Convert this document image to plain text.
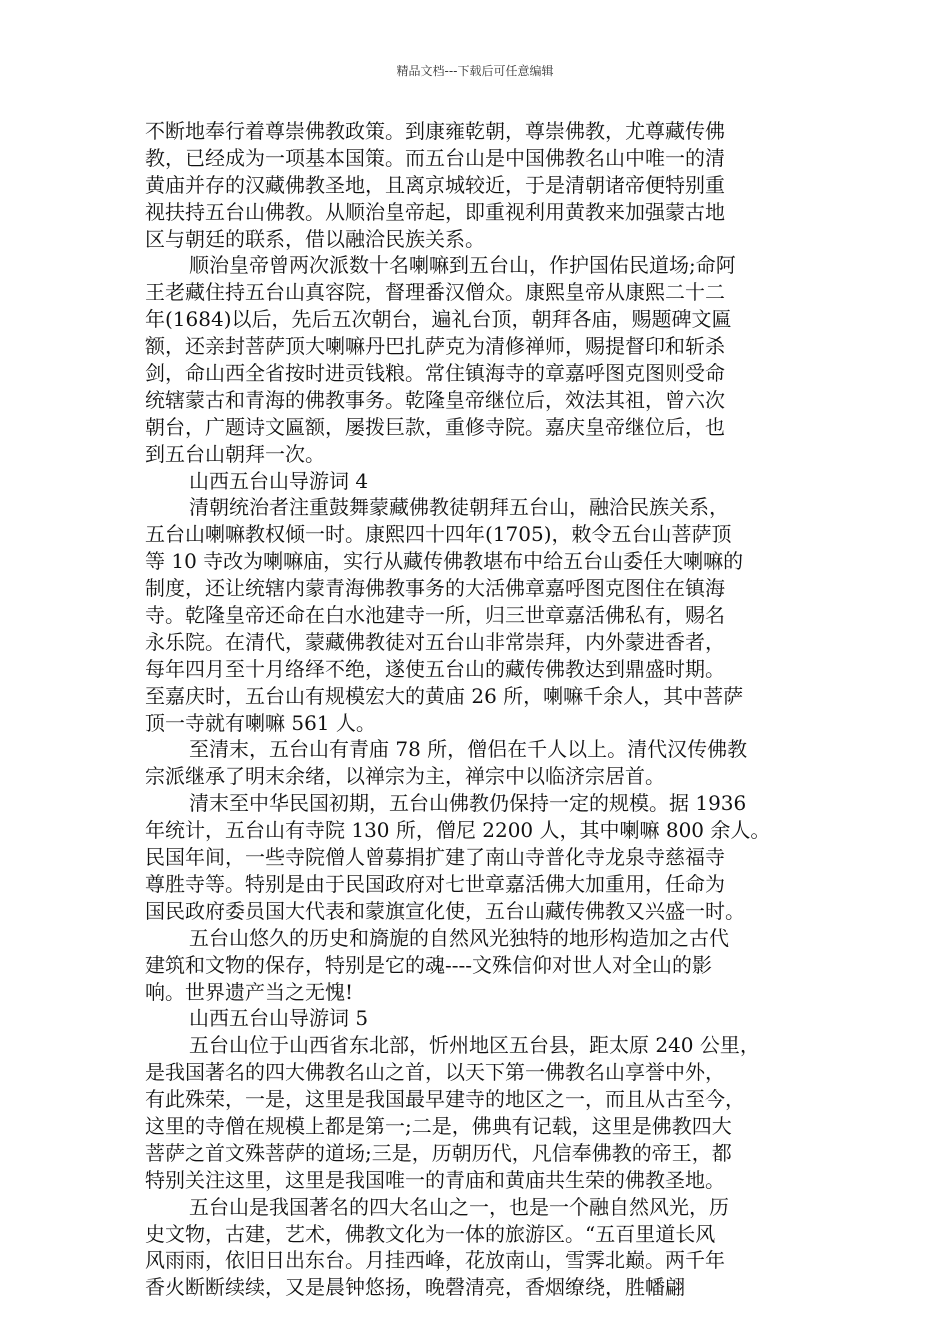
精品文档---下载后可任意编辑
不断地奉行着尊崇佛教政策。到康雍乾朝，尊崇佛教，尤尊藏传佛
教，已经成为一项基本国策。而五台山是中国佛教名山中唯一的清
黄庙并存的汉藏佛教圣地，且离京城较近，于是清朝诸帝便特别重
视扶持五台山佛教。从顺治皇帝起，即重视利用黄教来加强蒙古地
区与朝廷的联系，借以融洽民族关系。
顺治皇帝曾两次派数十名喇嘛到五台山，作护国佑民道场;命阿
王老藏住持五台山真容院，督理番汉僧众。康熙皇帝从康熙二十二
年(1684)以后，先后五次朝台，遍礼台顶，朝拜各庙，赐题碑文匾
额，还亲封菩萨顶大喇嘛丹巴扎萨克为清修禅师，赐提督印和斩杀
剑，命山西全省按时进贡钱粮。常住镇海寺的章嘉呼图克图则受命
统辖蒙古和青海的佛教事务。乾隆皇帝继位后，效法其祖，曾六次
朝台，广题诗文匾额，屡拨巨款，重修寺院。嘉庆皇帝继位后，也
到五台山朝拜一次。
山西五台山导游词 4
清朝统治者注重鼓舞蒙藏佛教徒朝拜五台山，融洽民族关系，
五台山喇嘛教权倾一时。康熙四十四年(1705)，敕令五台山菩萨顶
等 10 寺改为喇嘛庙，实行从藏传佛教堪布中给五台山委任大喇嘛的
制度，还让统辖内蒙青海佛教事务的大活佛章嘉呼图克图住在镇海
寺。乾隆皇帝还命在白水池建寺一所，归三世章嘉活佛私有，赐名
永乐院。在清代，蒙藏佛教徒对五台山非常崇拜，内外蒙进香者，
每年四月至十月络绎不绝，遂使五台山的藏传佛教达到鼎盛时期。
至嘉庆时，五台山有规模宏大的黄庙 26 所，喇嘛千余人，其中菩萨
顶一寺就有喇嘛 561 人。
至清末，五台山有青庙 78 所，僧侣在千人以上。清代汉传佛教
宗派继承了明末余绪，以禅宗为主，禅宗中以临济宗居首。
清末至中华民国初期，五台山佛教仍保持一定的规模。据 1936
年统计，五台山有寺院 130 所，僧尼 2200 人，其中喇嘛 800 余人。
民国年间，一些寺院僧人曾募捐扩建了南山寺普化寺龙泉寺慈福寺
尊胜寺等。特别是由于民国政府对七世章嘉活佛大加重用，任命为
国民政府委员国大代表和蒙旗宣化使，五台山藏传佛教又兴盛一时。
五台山悠久的历史和旖旎的自然风光独特的地形构造加之古代
建筑和文物的保存，特别是它的魂----文殊信仰对世人对全山的影
响。世界遗产当之无愧!
山西五台山导游词 5
五台山位于山西省东北部，忻州地区五台县，距太原 240 公里，
是我国著名的四大佛教名山之首，以天下第一佛教名山享誉中外，
有此殊荣，一是，这里是我国最早建寺的地区之一，而且从古至今，
这里的寺僧在规模上都是第一;二是，佛典有记载，这里是佛教四大
菩萨之首文殊菩萨的道场;三是，历朝历代，凡信奉佛教的帝王，都
特别关注这里，这里是我国唯一的青庙和黄庙共生荣的佛教圣地。
五台山是我国著名的四大名山之一，也是一个融自然风光，历
史文物，古建，艺术，佛教文化为一体的旅游区。“五百里道长风
风雨雨，依旧日出东台。月挂西峰，花放南山，雪霁北巅。两千年
香火断断续续，又是晨钟悠扬，晚磬清亮，香烟缭绕，胜幡翩
